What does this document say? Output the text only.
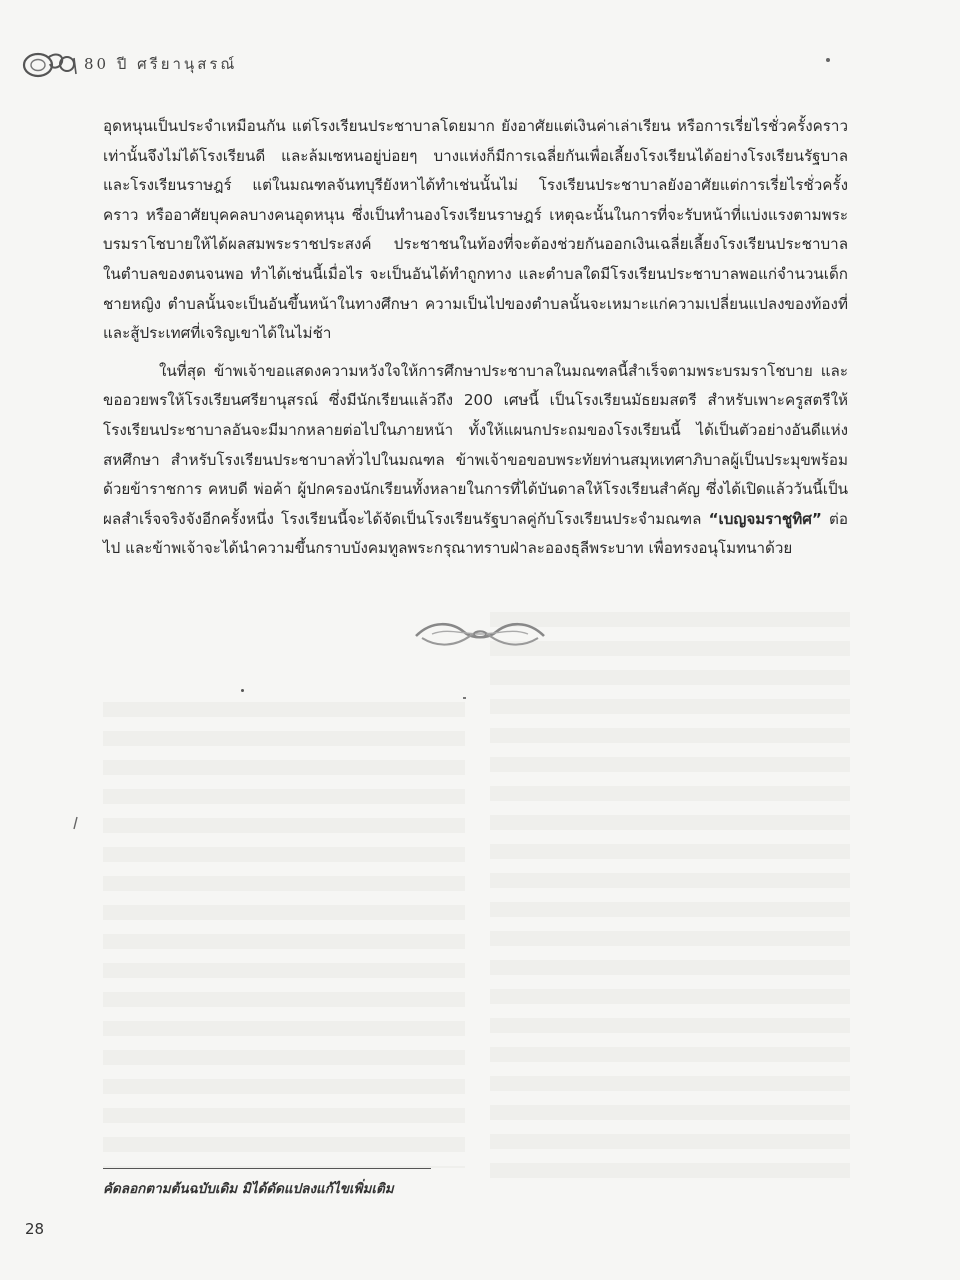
80 ปี ศรียานุสรณ์

อุดหนุนเป็นประจำเหมือนกัน แต่โรงเรียนประชาบาลโดยมาก ยังอาศัยแต่เงินค่าเล่าเรียน หรือการเรี่ยไรชั่วครั้งคราวเท่านั้นจึงไม่ได้โรงเรียนดี และล้มเซหนอยู่บ่อยๆ บางแห่งก็มีการเฉลี่ยกันเพื่อเลี้ยงโรงเรียนได้อย่างโรงเรียนรัฐบาลและโรงเรียนราษฎร์ แต่ในมณฑลจันทบุรียังหาได้ทำเช่นนั้นไม่ โรงเรียนประชาบาลยังอาศัยแต่การเรี่ยไรชั่วครั้งคราว หรืออาศัยบุคคลบางคนอุดหนุน ซึ่งเป็นทำนองโรงเรียนราษฎร์ เหตุฉะนั้นในการที่จะรับหน้าที่แบ่งแรงตามพระบรมราโชบายให้ได้ผลสมพระราชประสงค์ ประชาชนในท้องที่จะต้องช่วยกันออกเงินเฉลี่ยเลี้ยงโรงเรียนประชาบาลในตำบลของตนจนพอ ทำได้เช่นนี้เมื่อไร จะเป็นอันได้ทำถูกทาง และตำบลใดมีโรงเรียนประชาบาลพอแก่จำนวนเด็กชายหญิง ตำบลนั้นจะเป็นอันขึ้นหน้าในทางศึกษา ความเป็นไปของตำบลนั้นจะเหมาะแก่ความเปลี่ยนแปลงของท้องที่ และสู้ประเทศที่เจริญเขาได้ในไม่ช้า

ในที่สุด ข้าพเจ้าขอแสดงความหวังใจให้การศึกษาประชาบาลในมณฑลนี้สำเร็จตามพระบรมราโชบาย และขออวยพรให้โรงเรียนศรียานุสรณ์ ซึ่งมีนักเรียนแล้วถึง 200 เศษนี้ เป็นโรงเรียนมัธยมสตรี สำหรับเพาะครูสตรีให้โรงเรียนประชาบาลอันจะมีมากหลายต่อไปในภายหน้า ทั้งให้แผนกประถมของโรงเรียนนี้ ได้เป็นตัวอย่างอันดีแห่งสหศึกษา สำหรับโรงเรียนประชาบาลทั่วไปในมณฑล ข้าพเจ้าขอขอบพระทัยท่านสมุหเทศาภิบาลผู้เป็นประมุขพร้อมด้วยข้าราชการ คหบดี พ่อค้า ผู้ปกครองนักเรียนทั้งหลายในการที่ได้บันดาลให้โรงเรียนสำคัญ ซึ่งได้เปิดแล้ววันนี้เป็นผลสำเร็จจริงจังอีกครั้งหนึ่ง โรงเรียนนี้จะได้จัดเป็นโรงเรียนรัฐบาลคู่กับโรงเรียนประจำมณฑล “เบญจมราชูทิศ” ต่อไป และข้าพเจ้าจะได้นำความขึ้นกราบบังคมทูลพระกรุณาทราบฝ่าละอองธุลีพระบาท เพื่อทรงอนุโมทนาด้วย

คัดลอกตามต้นฉบับเดิม มิได้ดัดแปลงแก้ไขเพิ่มเติม
28
